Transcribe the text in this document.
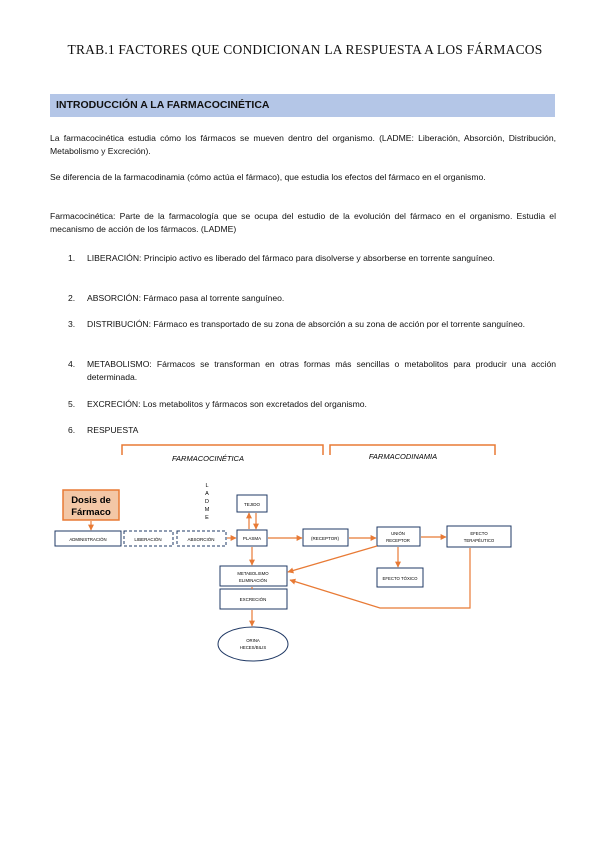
TRAB.1 FACTORES QUE CONDICIONAN LA RESPUESTA A LOS FÁRMACOS
INTRODUCCIÓN A LA FARMACOCINÉTICA
La farmacocinética estudia cómo los fármacos se mueven dentro del organismo. (LADME: Liberación, Absorción, Distribución, Metabolismo y Excreción).
Se diferencia de la farmacodinamia (cómo actúa el fármaco), que estudia los efectos del fármaco en el organismo.
Farmacocinética: Parte de la farmacología que se ocupa del estudio de la evolución del fármaco en el organismo. Estudia el mecanismo de acción de los fármacos. (LADME)
1. LIBERACIÓN: Principio activo es liberado del fármaco para disolverse y absorberse en torrente sanguíneo.
2. ABSORCIÓN: Fármaco pasa al torrente sanguíneo.
3. DISTRIBUCIÓN: Fármaco es transportado de su zona de absorción a su zona de acción por el torrente sanguíneo.
4. METABOLISMO: Fármacos se transforman en otras formas más sencillas o metabolitos para producir una acción determinada.
5. EXCRECIÓN: Los metabolitos y fármacos son excretados del organismo.
6. RESPUESTA
FARMACOCINÉTICA	FARMACODINAMIA
L
A
D
M
E
Dosis de
Fármaco
TEJIDO
ADMINISTRACIÓN	LIBERACIÓN	ABSORCIÓN	PLASMA	(RECEPTOR)
UNIÓN
RECEPTOR
EFECTO
TERAPÉUTICO
EFECTO TÓXICO
METABOLISMO
ELIMINACIÓN
EXCRECIÓN
ORINA
HECES/BILIS
